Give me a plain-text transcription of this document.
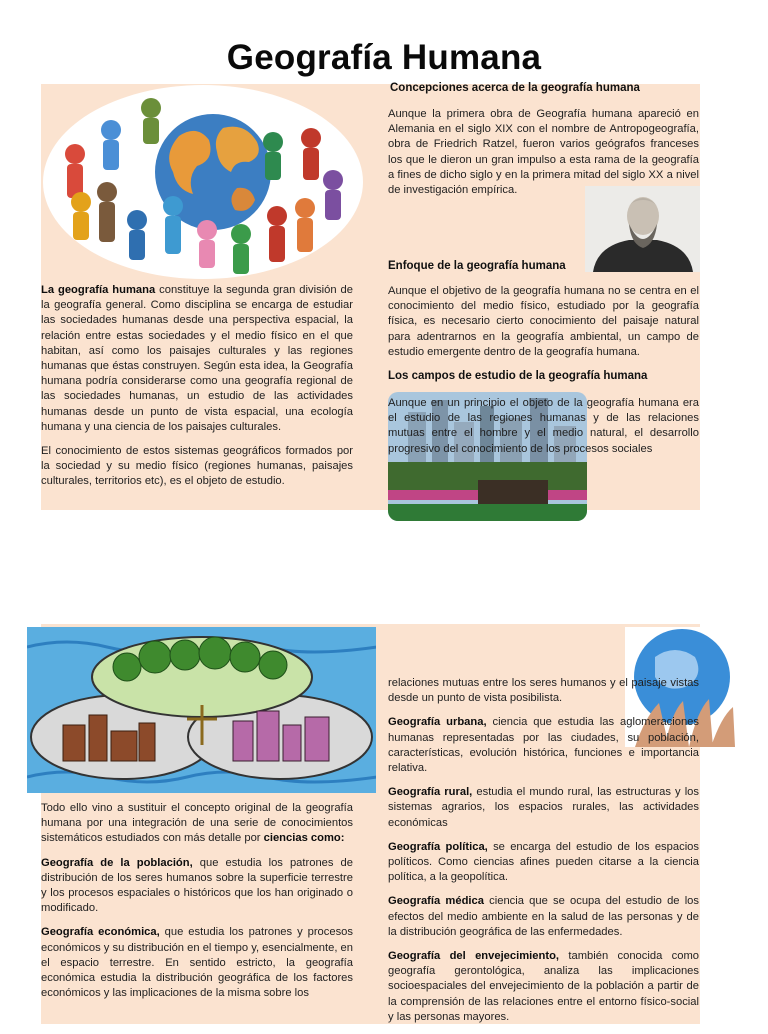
Geografía Humana
Concepciones acerca de la geografía humana
Aunque la primera obra de Geografía humana apareció en Alemania en el siglo XIX con el nombre de Antropogeografía, obra de Friedrich Ratzel, fueron varios geógrafos franceses los que le dieron un gran impulso a esta rama de la geografía a fines de dicho siglo y en la primera mitad del siglo XX a nivel de investigación empírica.

La geografía humana constituye la segunda gran división de la geografía general. Como disciplina se encarga de estudiar las sociedades humanas desde una perspectiva espacial, la relación entre estas sociedades y el medio físico en el que habitan, así como los paisajes culturales y las regiones humanas que éstas construyen. Según esta idea, la Geografía humana podría considerarse como una geografía regional de las sociedades humanas, un estudio de las actividades humanas desde un punto de vista espacial, una ecología humana y una ciencia de los paisajes culturales.

El conocimiento de estos sistemas geográficos formados por la sociedad y su medio físico (regiones humanas, paisajes culturales, territorios etc), es el objeto de estudio.

Enfoque de la geografía humana
Aunque el objetivo de la geografía humana no se centra en el conocimiento del medio físico, estudiado por la geografía física, es necesario cierto conocimiento del paisaje natural para adentrarnos en la geografía ambiental, un campo de estudio emergente dentro de la geografía humana.
Los campos de estudio de la geografía humana
Aunque en un principio el objeto de la geografía humana era el estudio de las regiones humanas y de las relaciones mutuas entre el hombre y el medio natural, el desarrollo progresivo del conocimiento de los procesos sociales

Todo ello vino a sustituir el concepto original de la geografía humana por una integración de una serie de conocimientos sistemáticos estudiados con más detalle por ciencias como:

Geografía de la población, que estudia los patrones de distribución de los seres humanos sobre la superficie terrestre y los procesos espaciales o históricos que los han originado o modificado.

Geografía económica, que estudia los patrones y procesos económicos y su distribución en el tiempo y, esencialmente, en el espacio terrestre. En sentido estricto, la geografía económica estudia la distribución geográfica de los factores económicos y las implicaciones de la misma sobre los

relaciones mutuas entre los seres humanos y el paisaje vistas desde un punto de vista posibilista.

Geografía urbana, ciencia que estudia las aglomeraciones humanas representadas por las ciudades, su población, características, evolución histórica, funciones e importancia relativa.

Geografía rural, estudia el mundo rural, las estructuras y los sistemas agrarios, los espacios rurales, las actividades económicas

Geografía política, se encarga del estudio de los espacios políticos. Como ciencias afines pueden citarse a la ciencia política, a la geopolítica.

Geografía médica ciencia que se ocupa del estudio de los efectos del medio ambiente en la salud de las personas y de la distribución geográfica de las enfermedades.

Geografía del envejecimiento, también conocida como geografía gerontológica, analiza las implicaciones socioespaciales del envejecimiento de la población a partir de la comprensión de las relaciones entre el entorno físico-social y las personas mayores.
